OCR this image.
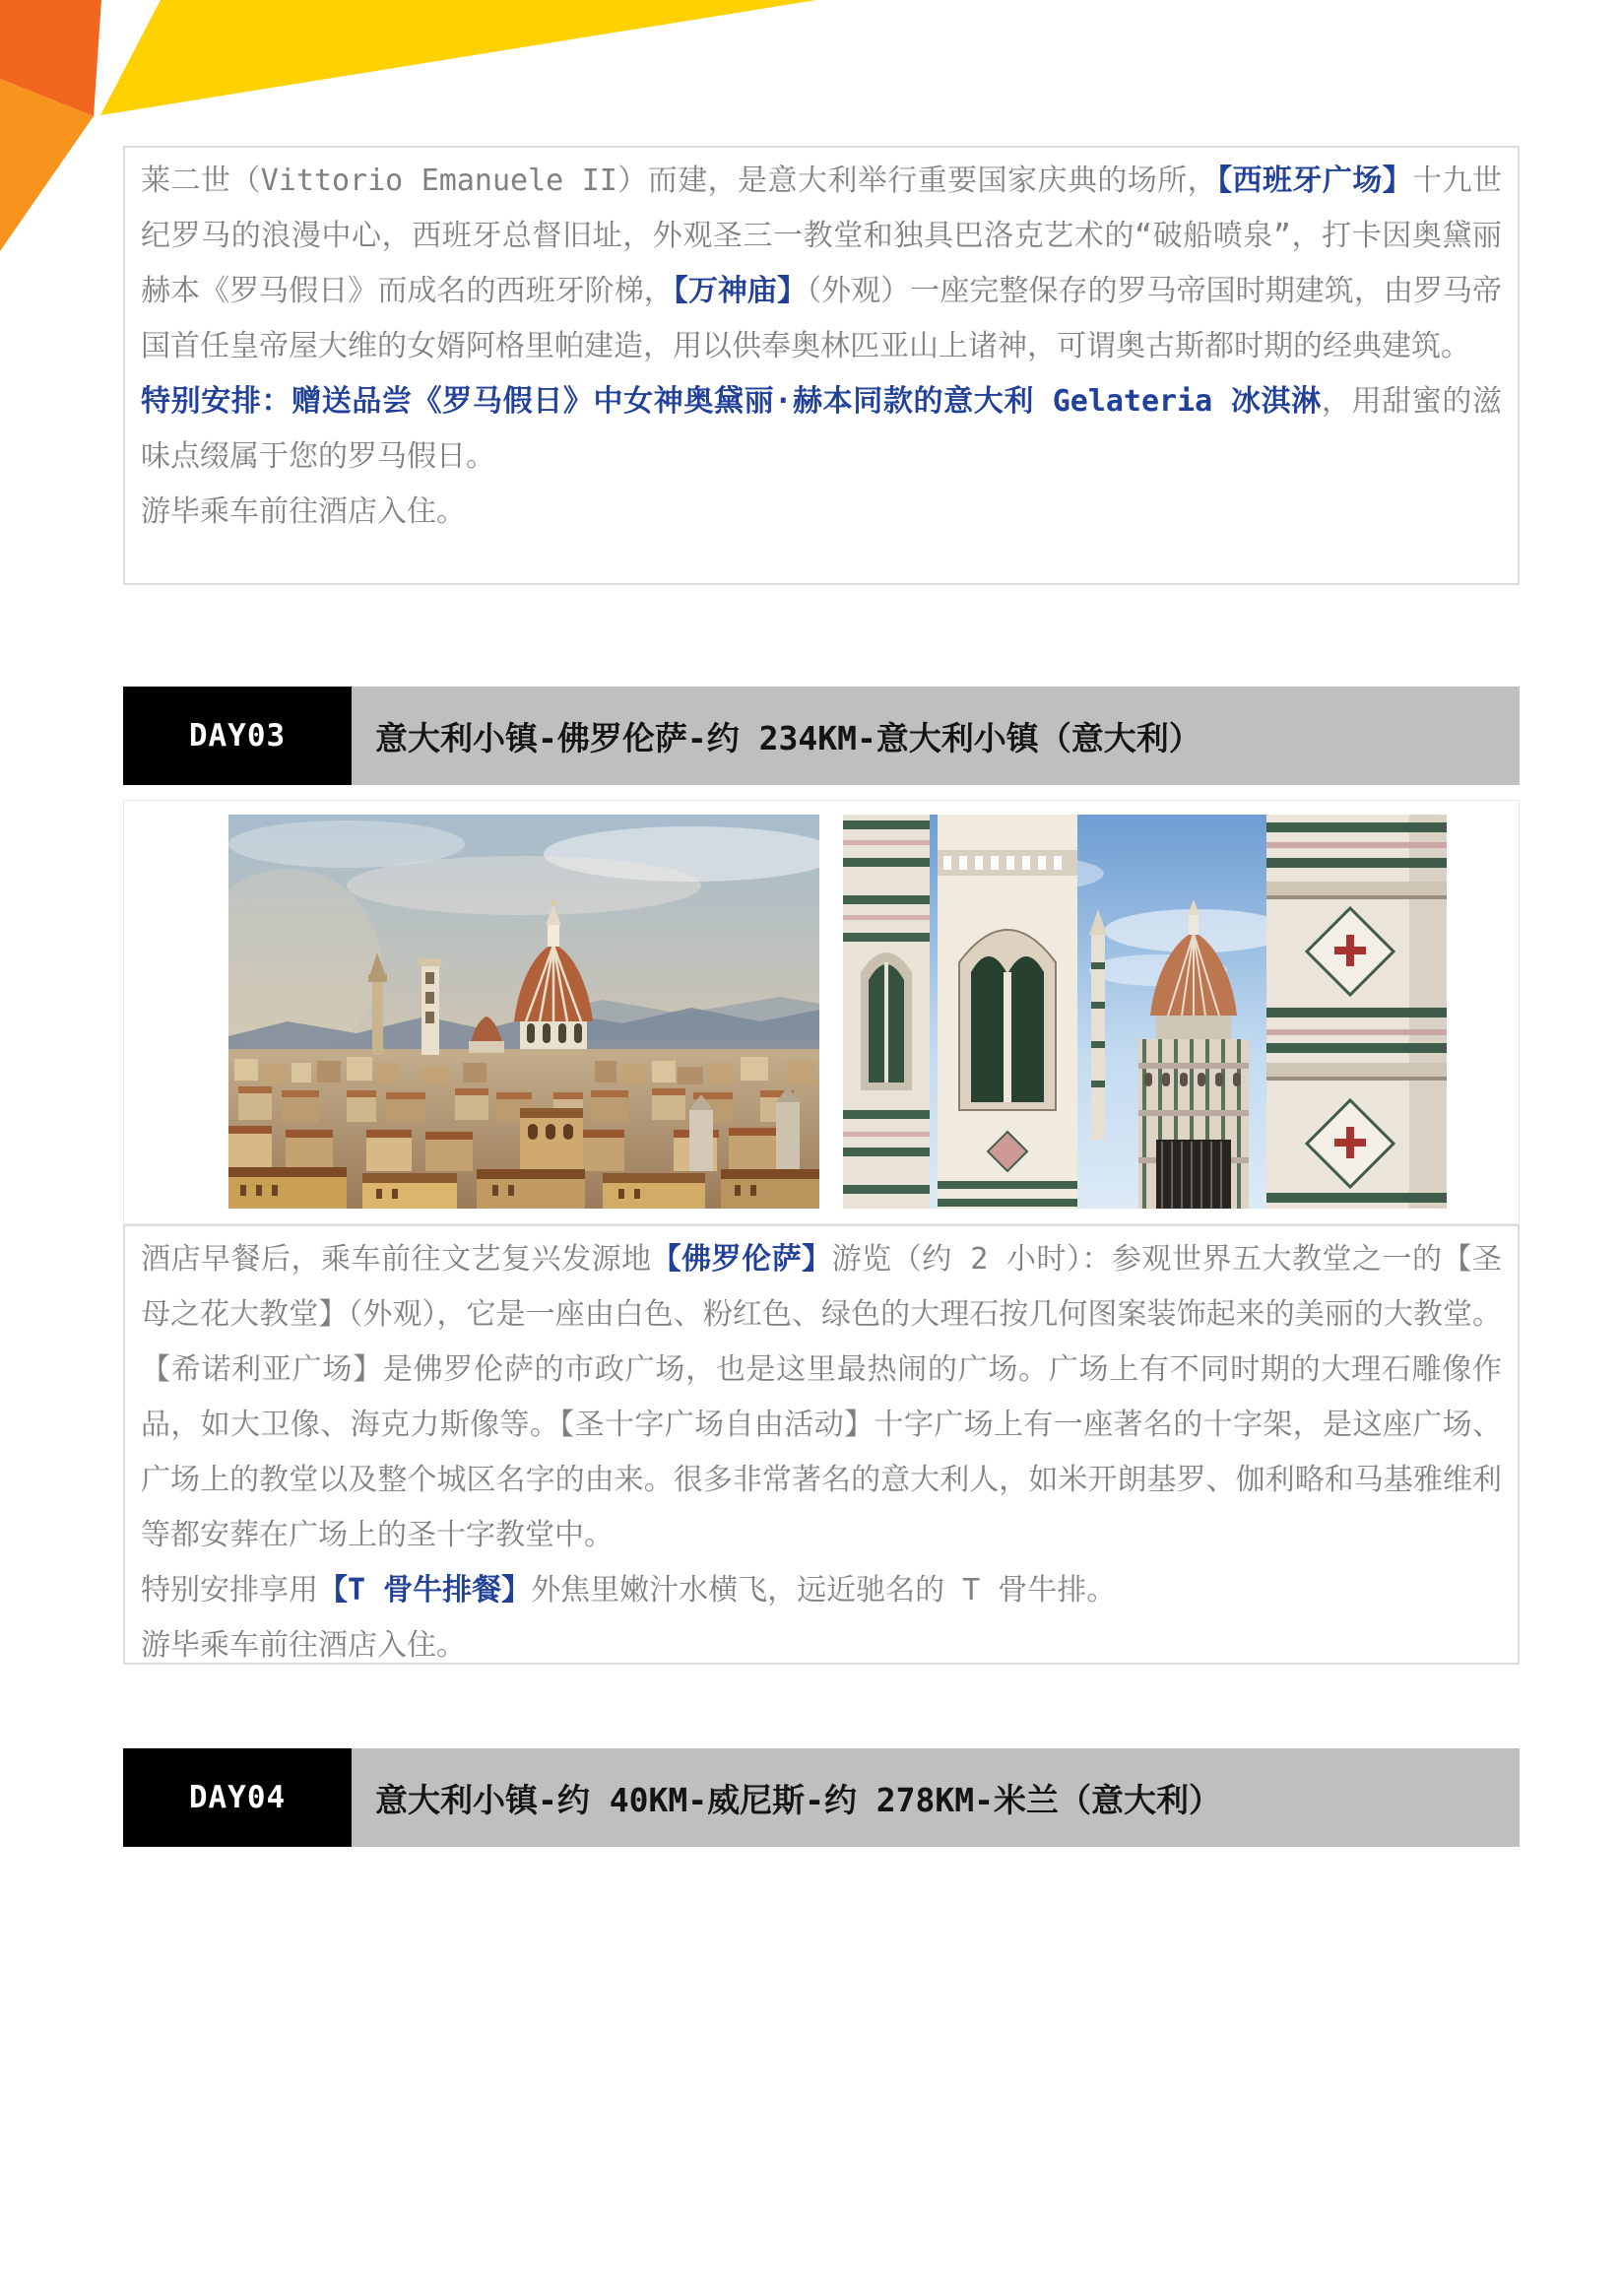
莱二世（Vittorio Emanuele II）而建，是意大利举行重要国家庆典的场所，【西班牙广场】十九世纪罗马的浪漫中心，西班牙总督旧址，外观圣三一教堂和独具巴洛克艺术的“破船喷泉”，打卡因奥黛丽赫本《罗马假日》而成名的西班牙阶梯，【万神庙】（外观）一座完整保存的罗马帝国时期建筑，由罗马帝国首任皇帝屋大维的女婿阿格里帕建造，用以供奉奥林匹亚山上诸神，可谓奥古斯都时期的经典建筑。

特别安排：赠送品尝《罗马假日》中女神奥黛丽·赫本同款的意大利 Gelateria 冰淇淋，用甜蜜的滋味点缀属于您的罗马假日。

游毕乘车前往酒店入住。

DAY03	意大利小镇-佛罗伦萨-约 234KM-意大利小镇（意大利）

酒店早餐后，乘车前往文艺复兴发源地【佛罗伦萨】游览（约 2 小时）：参观世界五大教堂之一的【圣母之花大教堂】（外观），它是一座由白色、粉红色、绿色的大理石按几何图案装饰起来的美丽的大教堂。【希诺利亚广场】是佛罗伦萨的市政广场，也是这里最热闹的广场。广场上有不同时期的大理石雕像作品，如大卫像、海克力斯像等。【圣十字广场自由活动】十字广场上有一座著名的十字架，是这座广场、广场上的教堂以及整个城区名字的由来。很多非常著名的意大利人，如米开朗基罗、伽利略和马基雅维利等都安葬在广场上的圣十字教堂中。

特别安排享用【T 骨牛排餐】外焦里嫩汁水横飞，远近驰名的 T 骨牛排。

游毕乘车前往酒店入住。

DAY04	意大利小镇-约 40KM-威尼斯-约 278KM-米兰（意大利）
